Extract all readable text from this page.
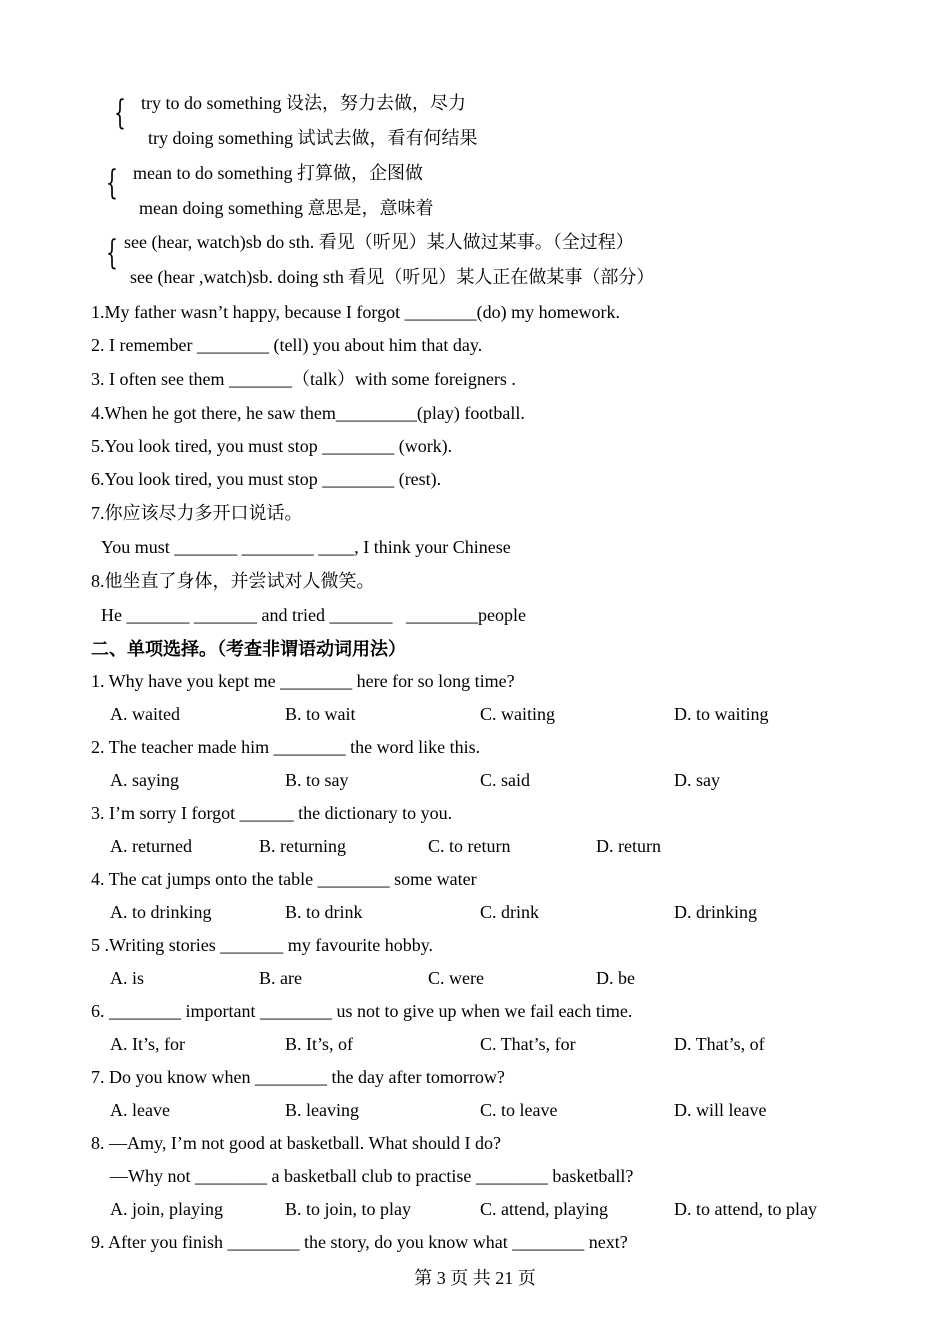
{ try to do something 设法，努力去做，尽力
try doing something 试试去做，看有何结果
{ mean to do something 打算做，企图做
mean doing something 意思是，意味着
{ see (hear, watch)sb do sth. 看见（听见）某人做过某事。（全过程）
see (hear ,watch)sb. doing sth 看见（听见）某人正在做某事（部分）
1.My father wasn’t happy, because I forgot ________(do) my homework.
2. I remember ________ (tell) you about him that day.
3. I often see them _______（talk）with some foreigners .
4.When he got there, he saw them_________(play) football.
5.You look tired, you must stop ________ (work).
6.You look tired, you must stop ________ (rest).
7.你应该尽力多开口说话。
You must _______ ________ ____, I think your Chinese
8.他坐直了身体，并尝试对人微笑。
He _______ _______ and tried _______   ________people
二、单项选择。（考查非谓语动词用法）
1. Why have you kept me ________ here for so long time?
A. waited	B. to wait	C. waiting	D. to waiting
2. The teacher made him ________ the word like this.
A. saying	B. to say	C. said	D. say
3. I’m sorry I forgot ______ the dictionary to you.
A. returned	B. returning	C. to return	D. return
4. The cat jumps onto the table ________ some water
A. to drinking	B. to drink	C. drink	D. drinking
5 .Writing stories _______ my favourite hobby.
A. is	B. are	C. were	D. be
6. ________ important ________ us not to give up when we fail each time.
A. It’s, for	B. It’s, of	C. That’s, for	D. That’s, of
7. Do you know when ________ the day after tomorrow?
A. leave	B. leaving	C. to leave	D. will leave
8. —Amy, I’m not good at basketball. What should I do?
—Why not ________ a basketball club to practise ________ basketball?
A. join, playing	B. to join, to play	C. attend, playing	D. to attend, to play
9. After you finish ________ the story, do you know what ________ next?
第 3 页 共 21 页
